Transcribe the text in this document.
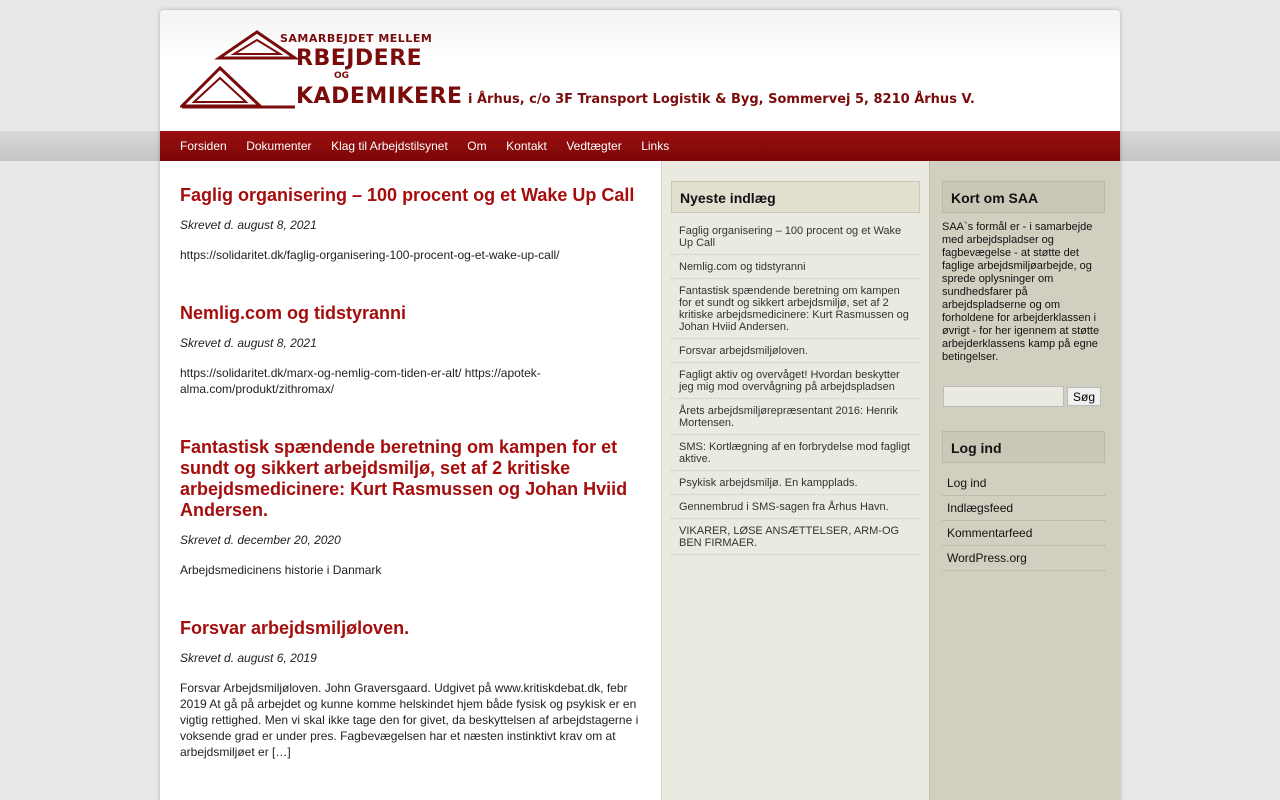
SAMARBEJDET MELLEM
RBEJDERE
OG
KADEMIKERE i Århus, c/o 3F Transport Logistik & Byg, Sommervej 5, 8210 Århus V.
Forsiden Dokumenter Klag til Arbejdstilsynet Om Kontakt Vedtægter Links
Faglig organisering – 100 procent og et Wake Up Call
Skrevet d. august 8, 2021
https://solidaritet.dk/faglig-organisering-100-procent-og-et-wake-up-call/
Nemlig.com og tidstyranni
Skrevet d. august 8, 2021
https://solidaritet.dk/marx-og-nemlig-com-tiden-er-alt/ https://apotek-alma.com/produkt/zithromax/
Fantastisk spændende beretning om kampen for et sundt og sikkert arbejdsmiljø, set af 2 kritiske arbejdsmedicinere: Kurt Rasmussen og Johan Hviid Andersen.
Skrevet d. december 20, 2020
Arbejdsmedicinens historie i Danmark
Forsvar arbejdsmiljøloven.
Skrevet d. august 6, 2019
Forsvar Arbejdsmiljøloven. John Graversgaard. Udgivet på www.kritiskdebat.dk, febr 2019 At gå på arbejdet og kunne komme helskindet hjem både fysisk og psykisk er en vigtig rettighed. Men vi skal ikke tage den for givet, da beskyttelsen af arbejdstagerne i voksende grad er under pres. Fagbevægelsen har et næsten instinktivt krav om at arbejdsmiljøet er […]
Nyeste indlæg
Faglig organisering – 100 procent og et Wake Up Call
Nemlig.com og tidstyranni
Fantastisk spændende beretning om kampen for et sundt og sikkert arbejdsmiljø, set af 2 kritiske arbejdsmedicinere: Kurt Rasmussen og Johan Hviid Andersen.
Forsvar arbejdsmiljøloven.
Fagligt aktiv og overvåget! Hvordan beskytter jeg mig mod overvågning på arbejdspladsen
Årets arbejdsmiljørepræsentant 2016: Henrik Mortensen.
SMS: Kortlægning af en forbrydelse mod fagligt aktive.
Psykisk arbejdsmiljø. En kampplads.
Gennembrud i SMS-sagen fra Århus Havn.
VIKARER, LØSE ANSÆTTELSER, ARM-OG BEN FIRMAER.
Kort om SAA
SAA`s formål er - i samarbejde med arbejdspladser og fagbevægelse - at støtte det faglige arbejdsmiljøarbejde, og sprede oplysninger om sundhedsfarer på arbejdspladserne og om forholdene for arbejderklassen i øvrigt - for her igennem at støtte arbejderklassens kamp på egne betingelser.
Søg
Log ind
Log ind
Indlægsfeed
Kommentarfeed
WordPress.org
